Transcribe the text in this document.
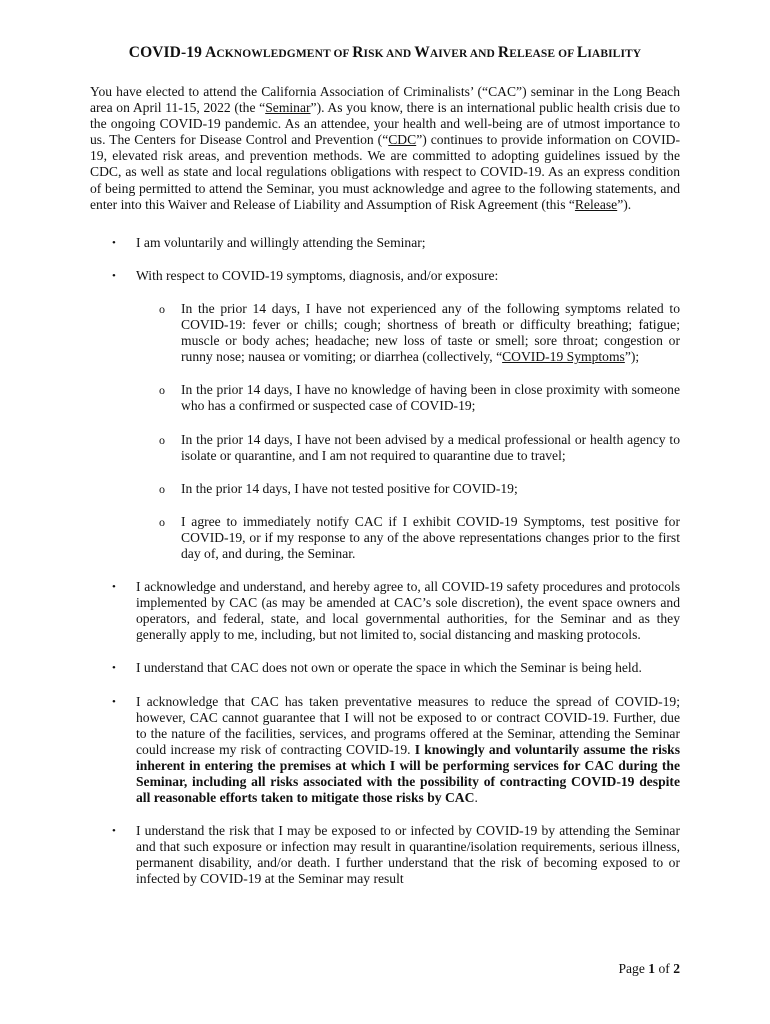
COVID-19 ACKNOWLEDGMENT OF RISK AND WAIVER AND RELEASE OF LIABILITY

You have elected to attend the California Association of Criminalists’ (“CAC”) seminar in the Long Beach area on April 11-15, 2022 (the “Seminar”). As you know, there is an international public health crisis due to the ongoing COVID-19 pandemic. As an attendee, your health and well-being are of utmost importance to us. The Centers for Disease Control and Prevention (“CDC”) continues to provide information on COVID-19, elevated risk areas, and prevention methods. We are committed to adopting guidelines issued by the CDC, as well as state and local regulations obligations with respect to COVID-19. As an express condition of being permitted to attend the Seminar, you must acknowledge and agree to the following statements, and enter into this Waiver and Release of Liability and Assumption of Risk Agreement (this “Release”).

• I am voluntarily and willingly attending the Seminar;
• With respect to COVID-19 symptoms, diagnosis, and/or exposure:
o In the prior 14 days, I have not experienced any of the following symptoms related to COVID-19: fever or chills; cough; shortness of breath or difficulty breathing; fatigue; muscle or body aches; headache; new loss of taste or smell; sore throat; congestion or runny nose; nausea or vomiting; or diarrhea (collectively, “COVID-19 Symptoms”);
o In the prior 14 days, I have no knowledge of having been in close proximity with someone who has a confirmed or suspected case of COVID-19;
o In the prior 14 days, I have not been advised by a medical professional or health agency to isolate or quarantine, and I am not required to quarantine due to travel;
o In the prior 14 days, I have not tested positive for COVID-19;
o I agree to immediately notify CAC if I exhibit COVID-19 Symptoms, test positive for COVID-19, or if my response to any of the above representations changes prior to the first day of, and during, the Seminar.
• I acknowledge and understand, and hereby agree to, all COVID-19 safety procedures and protocols implemented by CAC (as may be amended at CAC’s sole discretion), the event space owners and operators, and federal, state, and local governmental authorities, for the Seminar and as they generally apply to me, including, but not limited to, social distancing and masking protocols.
• I understand that CAC does not own or operate the space in which the Seminar is being held.
• I acknowledge that CAC has taken preventative measures to reduce the spread of COVID-19; however, CAC cannot guarantee that I will not be exposed to or contract COVID-19. Further, due to the nature of the facilities, services, and programs offered at the Seminar, attending the Seminar could increase my risk of contracting COVID-19. I knowingly and voluntarily assume the risks inherent in entering the premises at which I will be performing services for CAC during the Seminar, including all risks associated with the possibility of contracting COVID-19 despite all reasonable efforts taken to mitigate those risks by CAC.
• I understand the risk that I may be exposed to or infected by COVID-19 by attending the Seminar and that such exposure or infection may result in quarantine/isolation requirements, serious illness, permanent disability, and/or death. I further understand that the risk of becoming exposed to or infected by COVID-19 at the Seminar may result
Page 1 of 2
